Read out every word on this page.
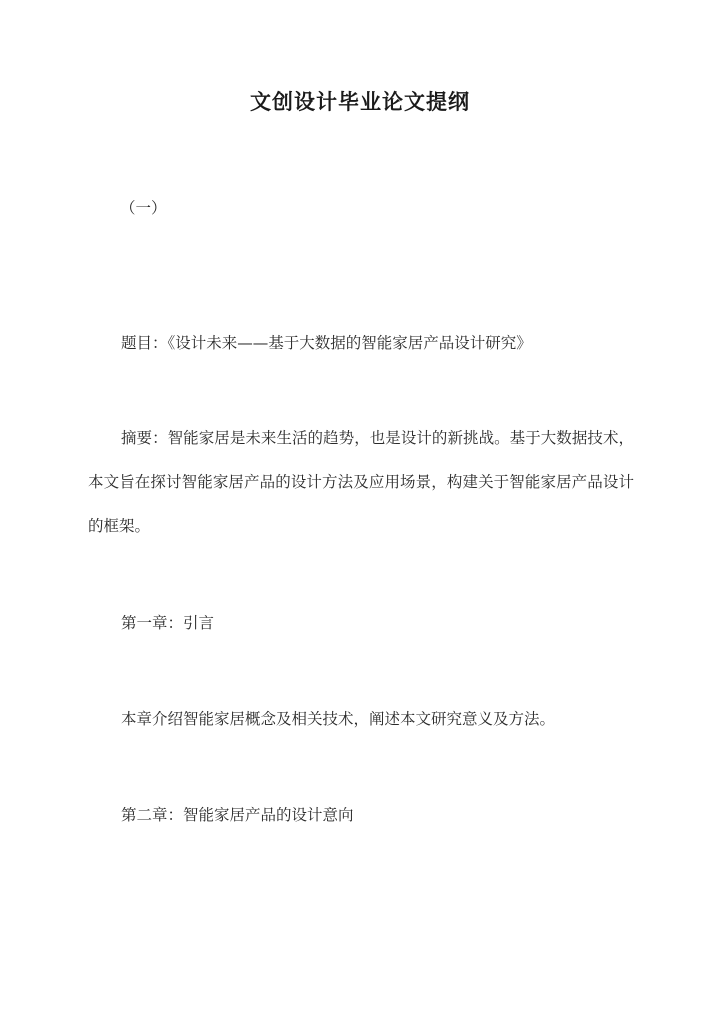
文创设计毕业论文提纲
（一）
题目：《设计未来——基于大数据的智能家居产品设计研究》
摘要：智能家居是未来生活的趋势，也是设计的新挑战。基于大数据技术，本文旨在探讨智能家居产品的设计方法及应用场景，构建关于智能家居产品设计的框架。
第一章：引言
本章介绍智能家居概念及相关技术，阐述本文研究意义及方法。
第二章：智能家居产品的设计意向
